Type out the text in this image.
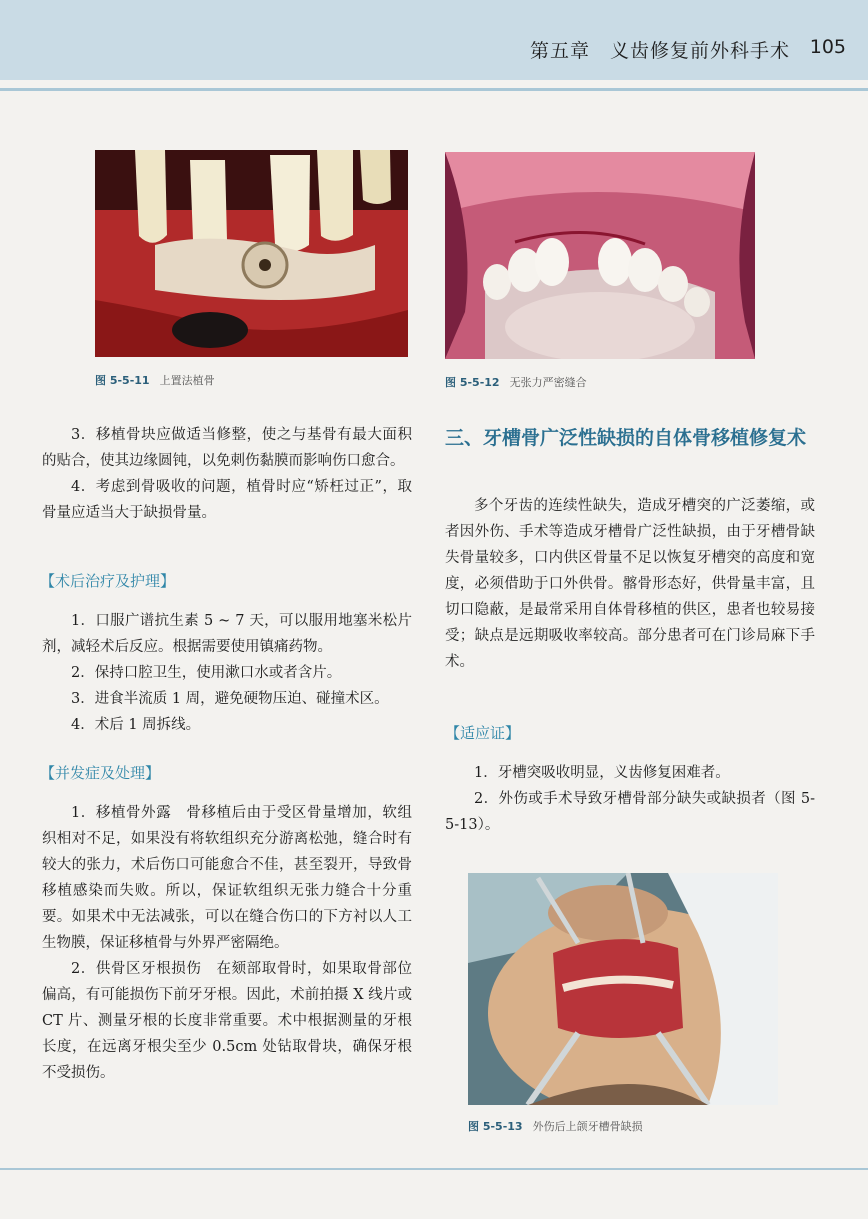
第五章　义齿修复前外科手术 105
图 5-5-11 上置法植骨	图 5-5-12 无张力严密缝合

3．移植骨块应做适当修整，使之与基骨有最大面积的贴合，使其边缘圆钝，以免刺伤黏膜而影响伤口愈合。

4．考虑到骨吸收的问题，植骨时应“矫枉过正”，取骨量应适当大于缺损骨量。

【术后治疗及护理】

1．口服广谱抗生素 5 ~ 7 天，可以服用地塞米松片剂，减轻术后反应。根据需要使用镇痛药物。

2．保持口腔卫生，使用漱口水或者含片。

3．进食半流质 1 周，避免硬物压迫、碰撞术区。

4．术后 1 周拆线。

【并发症及处理】

1．移植骨外露　骨移植后由于受区骨量增加，软组织相对不足，如果没有将软组织充分游离松弛，缝合时有较大的张力，术后伤口可能愈合不佳，甚至裂开，导致骨移植感染而失败。所以，保证软组织无张力缝合十分重要。如果术中无法减张，可以在缝合伤口的下方衬以人工生物膜，保证移植骨与外界严密隔绝。

2．供骨区牙根损伤　在颏部取骨时，如果取骨部位偏高，有可能损伤下前牙牙根。因此，术前拍摄 X 线片或 CT 片、测量牙根的长度非常重要。术中根据测量的牙根长度，在远离牙根尖至少 0.5cm 处钻取骨块，确保牙根不受损伤。

三、牙槽骨广泛性缺损的自体骨移植修复术

多个牙齿的连续性缺失，造成牙槽突的广泛萎缩，或者因外伤、手术等造成牙槽骨广泛性缺损，由于牙槽骨缺失骨量较多，口内供区骨量不足以恢复牙槽突的高度和宽度，必须借助于口外供骨。髂骨形态好，供骨量丰富，且切口隐蔽，是最常采用自体骨移植的供区，患者也较易接受；缺点是远期吸收率较高。部分患者可在门诊局麻下手术。

【适应证】

1．牙槽突吸收明显，义齿修复困难者。

2．外伤或手术导致牙槽骨部分缺失或缺损者（图 5-5-13）。

图 5-5-13 外伤后上颌牙槽骨缺损
